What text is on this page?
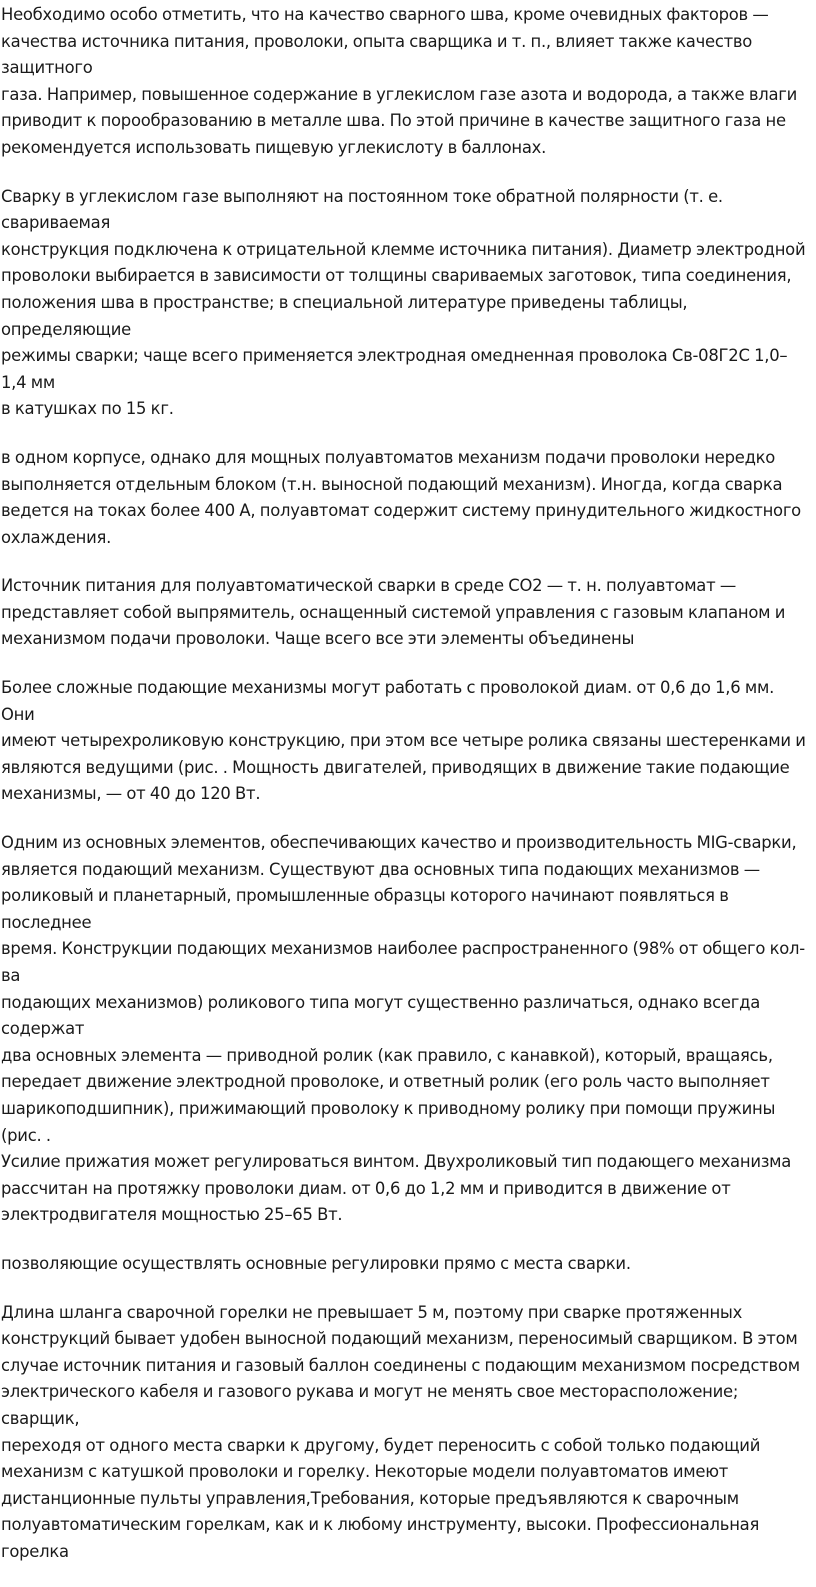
Необходимо особо отметить, что на качество сварного шва, кроме очевидных факторов —
качества источника питания, проволоки, опыта сварщика и т. п., влияет также качество защитного
газа. Например, повышенное содержание в углекислом газе азота и водорода, а также влаги
приводит к порообразованию в металле шва. По этой причине в качестве защитного газа не
рекомендуется использовать пищевую углекислоту в баллонах.

Сварку в углекислом газе выполняют на постоянном токе обратной полярности (т. е. свариваемая
конструкция подключена к отрицательной клемме источника питания). Диаметр электродной
проволоки выбирается в зависимости от толщины свариваемых заготовок, типа соединения,
положения шва в пространстве; в специальной литературе приведены таблицы, определяющие
режимы сварки; чаще всего применяется электродная омедненная проволока Св-08Г2С 1,0–1,4 мм
в катушках по 15 кг.

в одном корпусе, однако для мощных полуавтоматов механизм подачи проволоки нередко
выполняется отдельным блоком (т.н. выносной подающий механизм). Иногда, когда сварка
ведется на токах более 400 А, полуавтомат содержит систему принудительного жидкостного
охлаждения.

Источник питания для полуавтоматической сварки в среде СО2 — т. н. полуавтомат —
представляет собой выпрямитель, оснащенный системой управления с газовым клапаном и
механизмом подачи проволоки. Чаще всего все эти элементы объединены

Более сложные подающие механизмы могут работать с проволокой диам. от 0,6 до 1,6 мм. Они
имеют четырехроликовую конструкцию, при этом все четыре ролика связаны шестеренками и
являются ведущими (рис. . Мощность двигателей, приводящих в движение такие подающие
механизмы, — от 40 до 120 Вт.

Одним из основных элементов, обеспечивающих качество и производительность MIG-сварки,
является подающий механизм. Существуют два основных типа подающих механизмов —
роликовый и планетарный, промышленные образцы которого начинают появляться в последнее
время. Конструкции подающих механизмов наиболее распространенного (98% от общего кол-ва
подающих механизмов) роликового типа могут существенно различаться, однако всегда содержат
два основных элемента — приводной ролик (как правило, с канавкой), который, вращаясь,
передает движение электродной проволоке, и ответный ролик (его роль часто выполняет
шарикоподшипник), прижимающий проволоку к приводному ролику при помощи пружины (рис. .
Усилие прижатия может регулироваться винтом. Двухроликовый тип подающего механизма
рассчитан на протяжку проволоки диам. от 0,6 до 1,2 мм и приводится в движение от
электродвигателя мощностью 25–65 Вт.

позволяющие осуществлять основные регулировки прямо с места сварки.

Длина шланга сварочной горелки не превышает 5 м, поэтому при сварке протяженных
конструкций бывает удобен выносной подающий механизм, переносимый сварщиком. В этом
случае источник питания и газовый баллон соединены с подающим механизмом посредством
электрического кабеля и газового рукава и могут не менять свое месторасположение; сварщик,
переходя от одного места сварки к другому, будет переносить с собой только подающий
механизм с катушкой проволоки и горелку. Некоторые модели полуавтоматов имеют
дистанционные пульты управления,Требования, которые предъявляются к сварочным
полуавтоматическим горелкам, как и к любому инструменту, высоки. Профессиональная горелка
